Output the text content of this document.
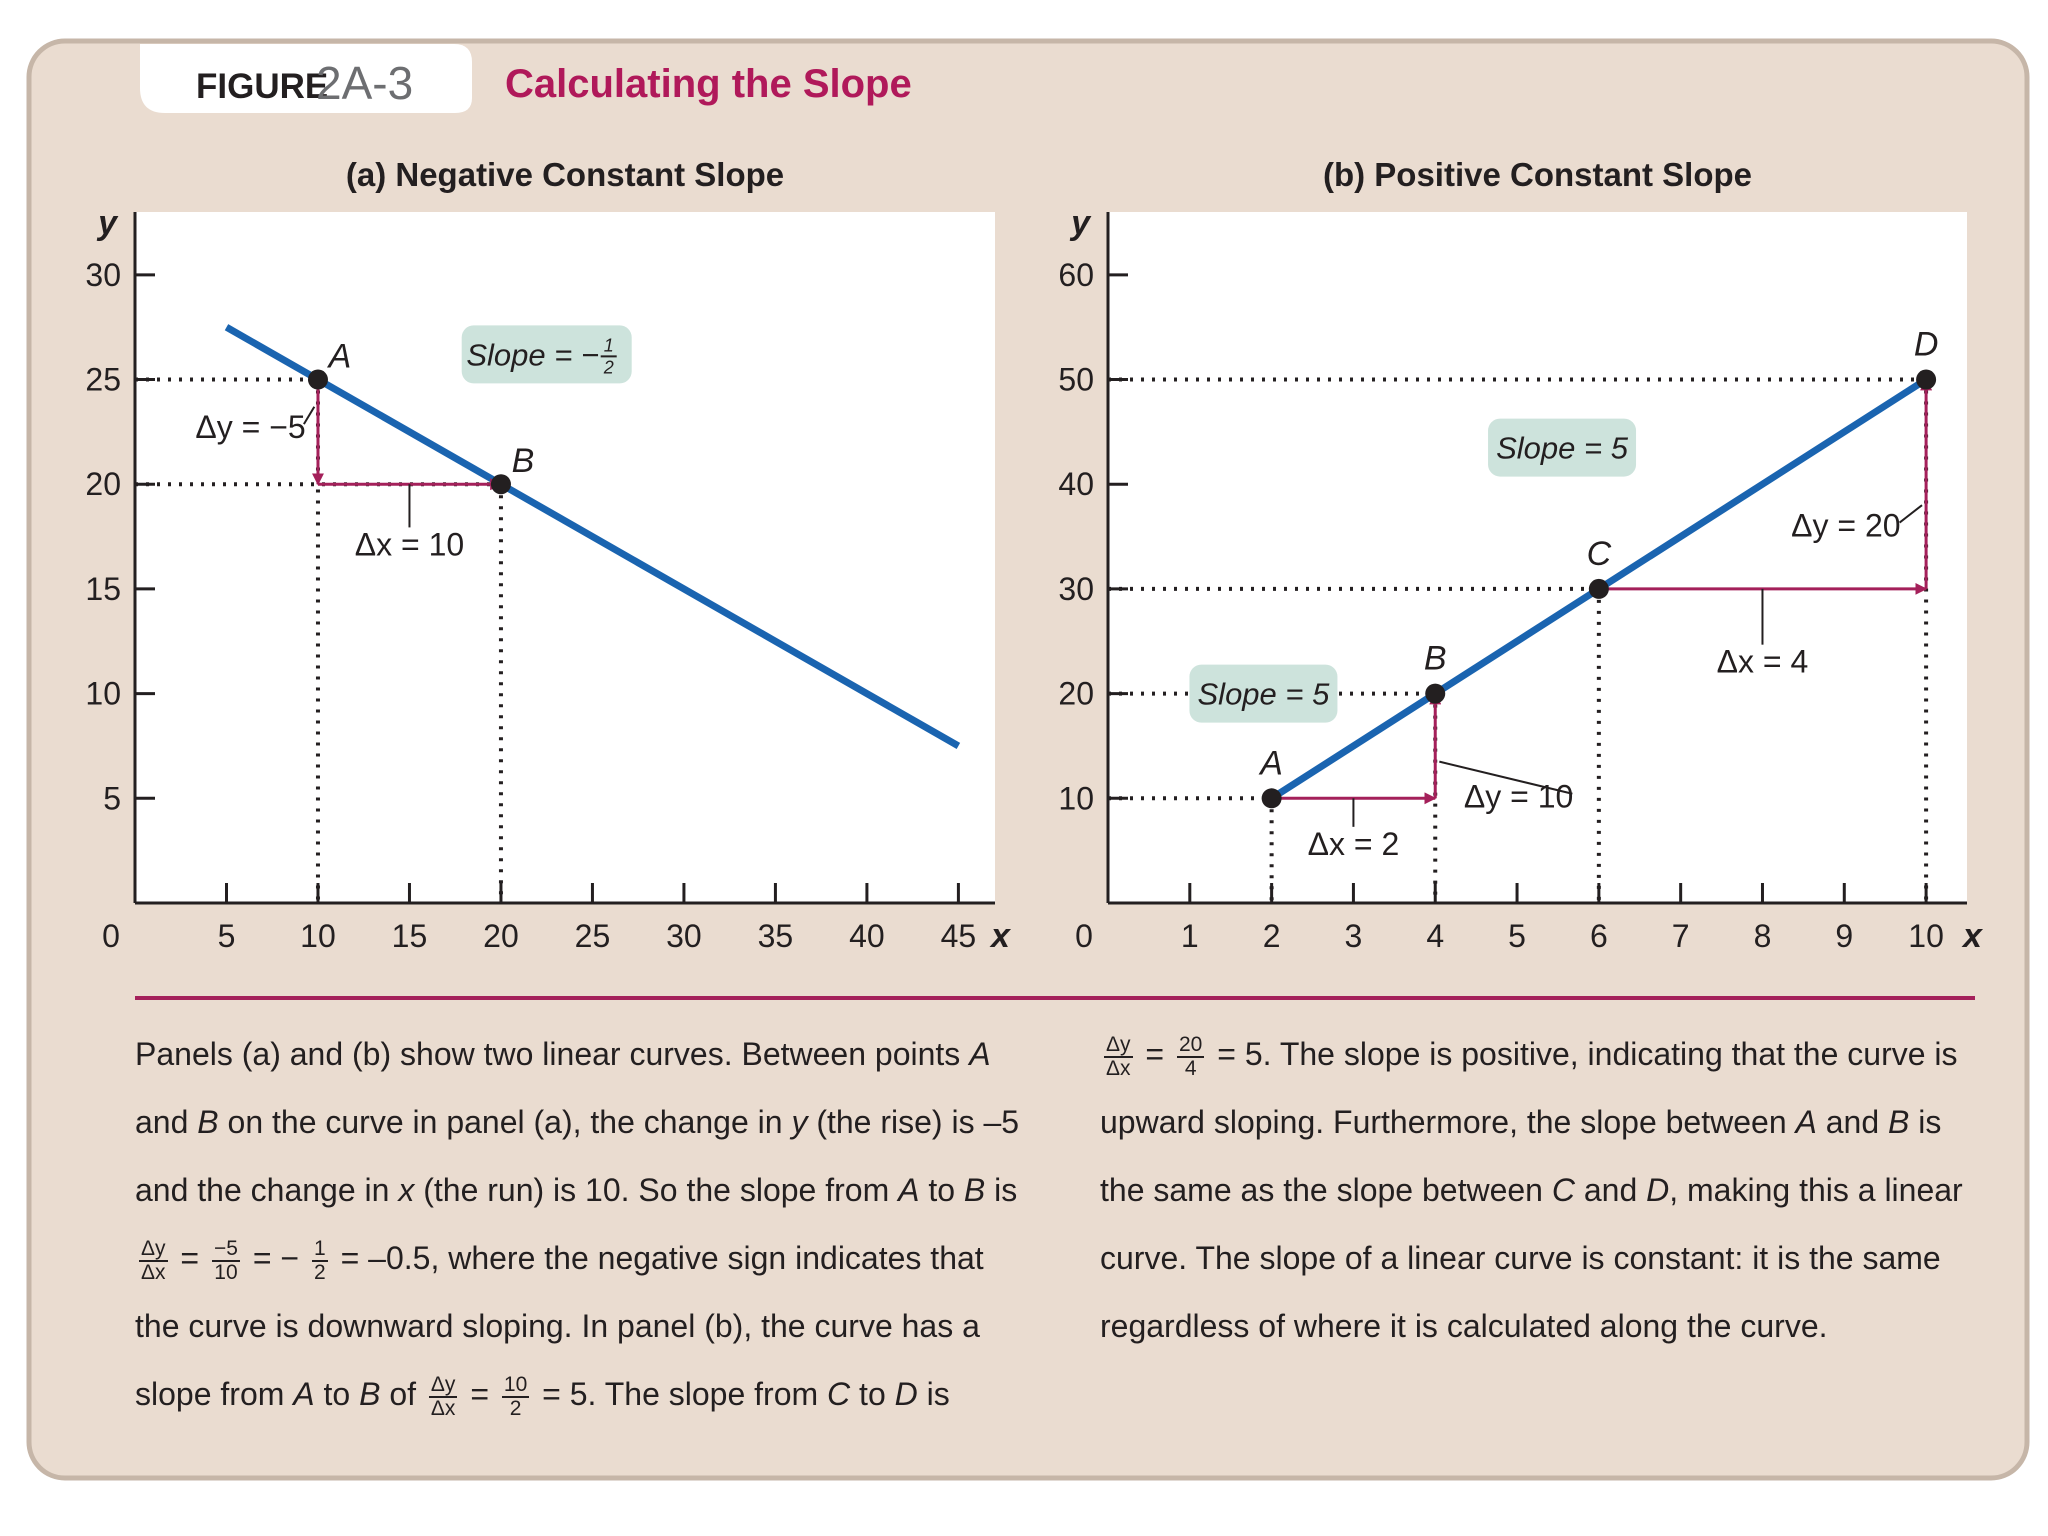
FIGURE
2A-3 Calculating the Slope
(a) Negative Constant Slope
y
x
0	5 10 15 20 25 30 35 40 45
5
10
15
20
25
30
Δy = −5
Δx = 10
Slope = − 1
2
A
B
(b) Positive Constant Slope
y
x
0	1 2 3 4 5 6 7 8 9 10
10
20
30
40
50
60
Δx = 2
Δy = 10
Δx = 4
Δy = 20
Slope = 5
Slope = 5
A
B
C
D

Panels (a) and (b) show two linear curves. Between points A and B on the curve in panel (a), the change in y (the rise) is –5 and the change in x (the run) is 10. So the slope from A to B is
$\frac{\Delta y}{\Delta x} = \frac{-5}{10}$ = − $\frac{1}{2} = -0.5$, where the negative sign indicates that the curve is downward sloping. In panel (b), the curve has a slope from A to B of $\frac{\Delta y}{\Delta x} = \frac{10}{2} = 5$. The slope from C to D is

$\frac{\Delta y}{\Delta x} = \frac{20}{4} = 5$. The slope is positive, indicating that the curve is upward sloping. Furthermore, the slope between A and B is the same as the slope between C and D, making this a linear curve. The slope of a linear curve is constant: it is the same regardless of where it is calculated along the curve.
